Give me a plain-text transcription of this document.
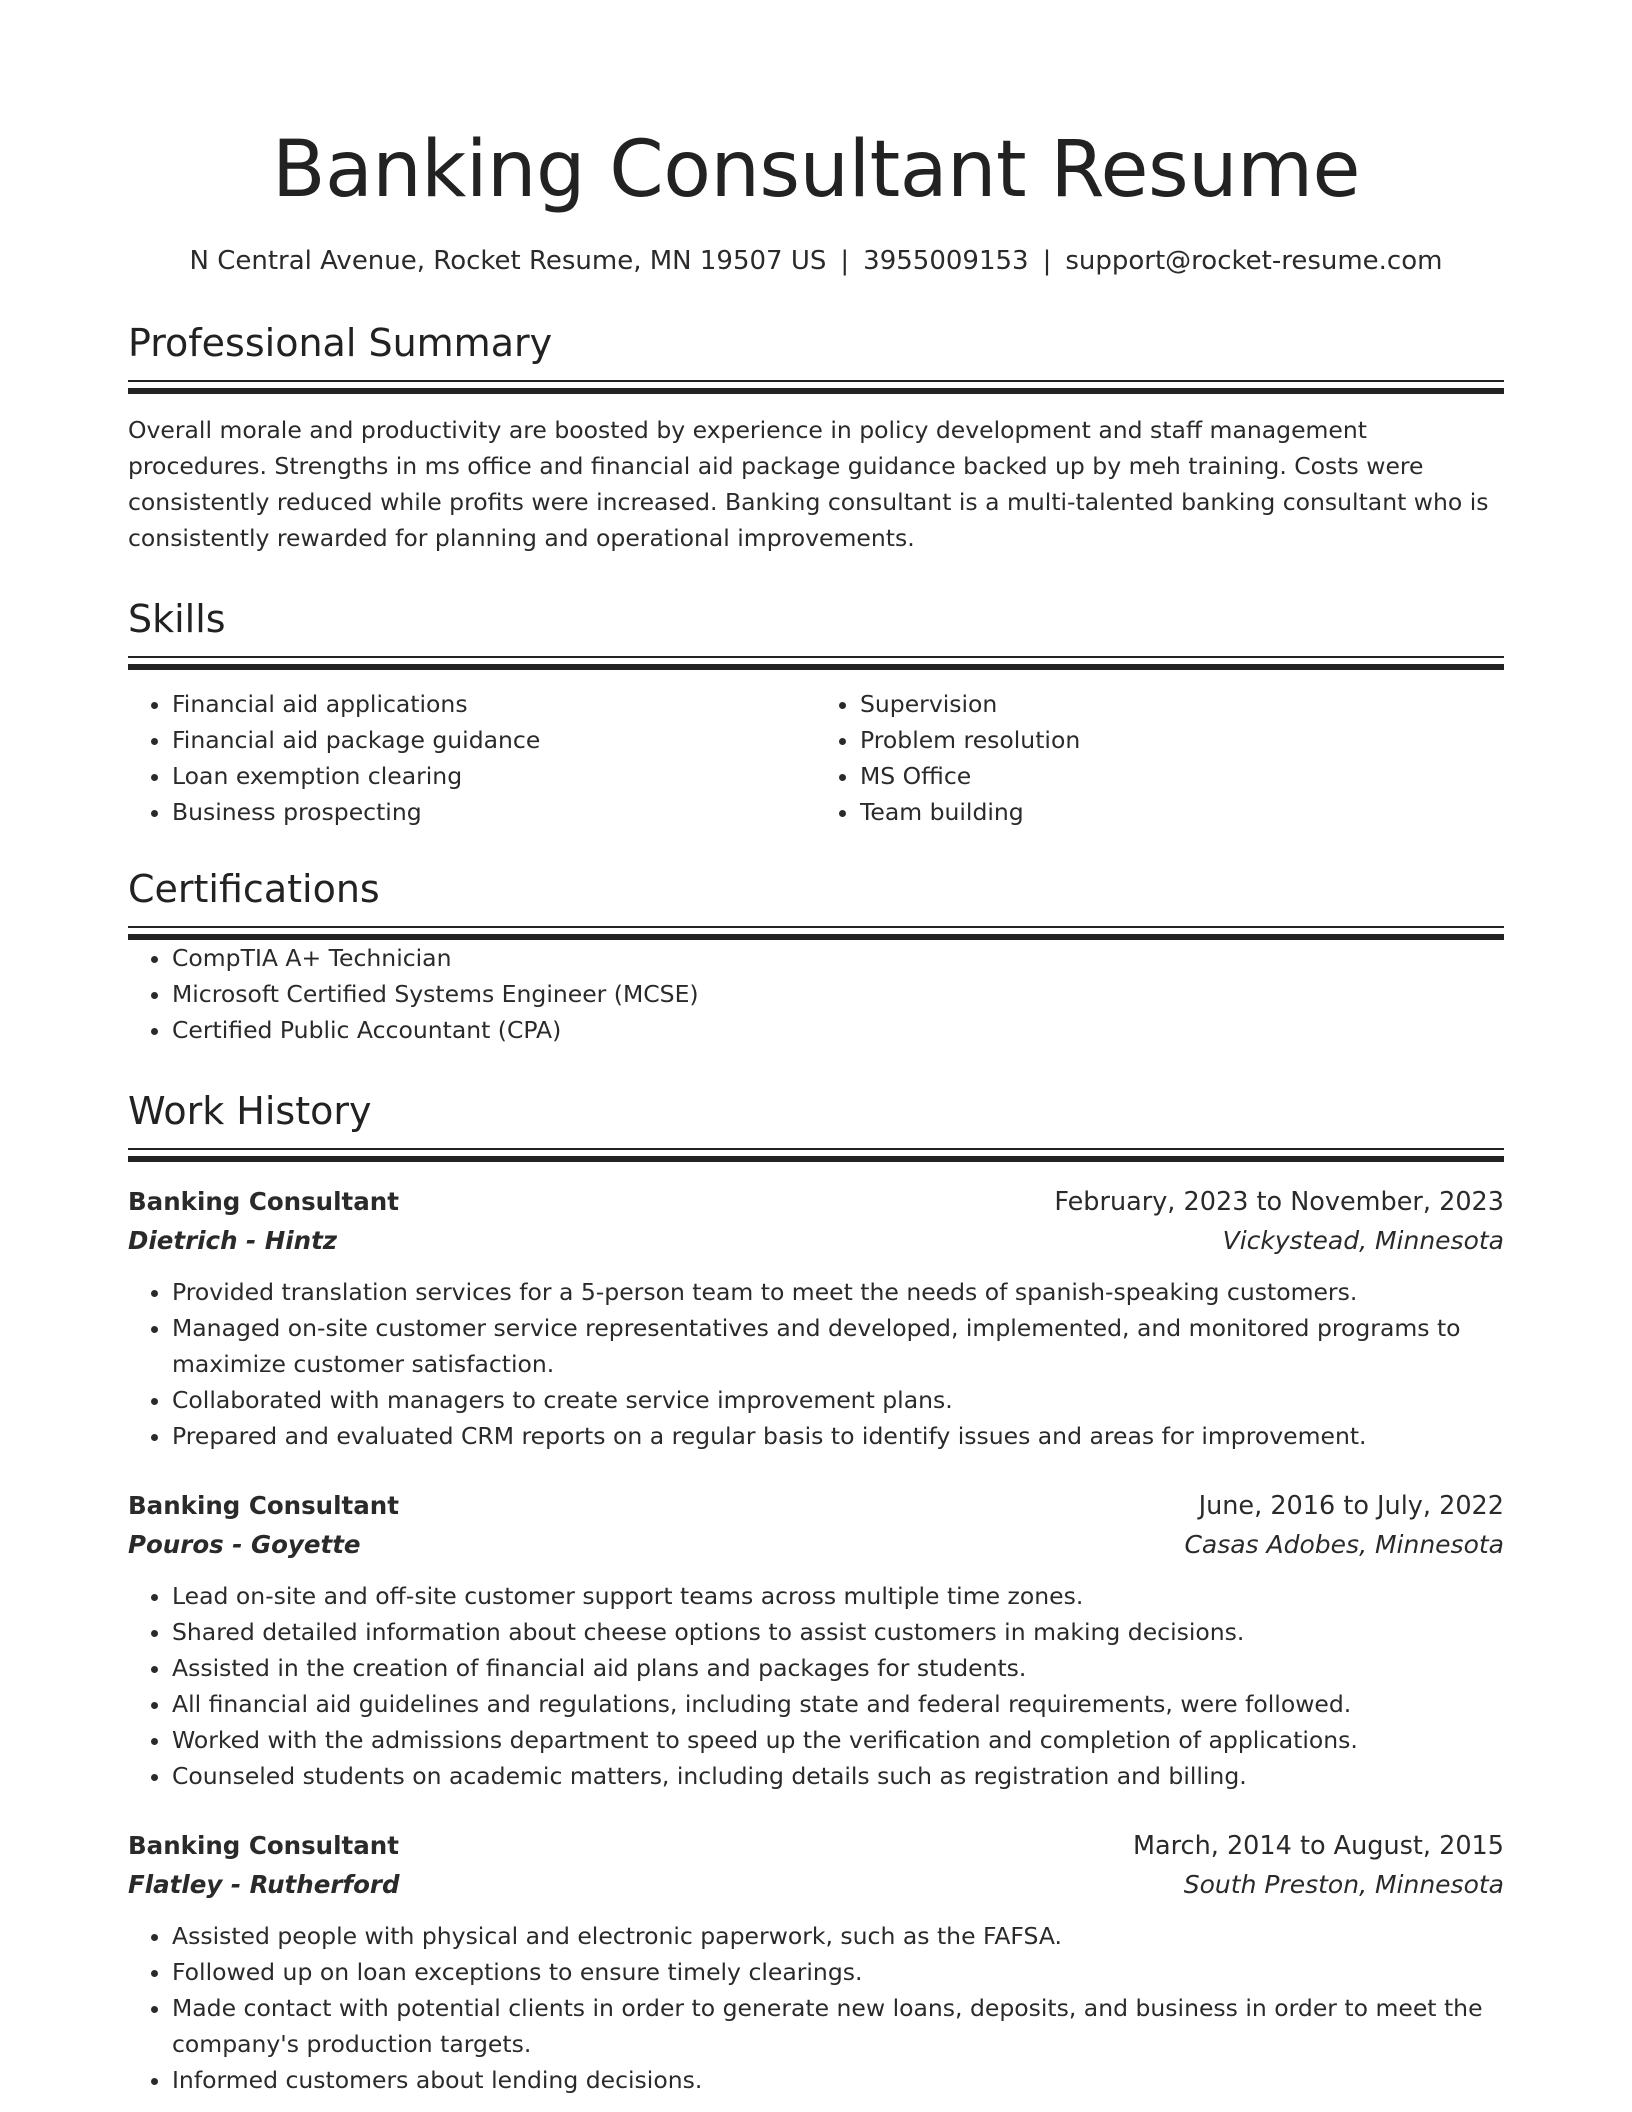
Banking Consultant Resume
N Central Avenue, Rocket Resume, MN 19507 US | 3955009153 | support@rocket-resume.com
Professional Summary

Overall morale and productivity are boosted by experience in policy development and staff management procedures. Strengths in ms office and financial aid package guidance backed up by meh training. Costs were consistently reduced while profits were increased. Banking consultant is a multi-talented banking consultant who is consistently rewarded for planning and operational improvements.

Skills
• Financial aid applications
• Financial aid package guidance
• Loan exemption clearing
• Business prospecting
• Supervision
• Problem resolution
• MS Office
• Team building
Certifications
• CompTIA A+ Technician
• Microsoft Certified Systems Engineer (MCSE)
• Certified Public Accountant (CPA)
Work History
Banking Consultant	February, 2023 to November, 2023
Dietrich - Hintz	Vickystead, Minnesota
• Provided translation services for a 5-person team to meet the needs of spanish-speaking customers.
• Managed on-site customer service representatives and developed, implemented, and monitored programs to maximize customer satisfaction.
• Collaborated with managers to create service improvement plans.
• Prepared and evaluated CRM reports on a regular basis to identify issues and areas for improvement.
Banking Consultant	June, 2016 to July, 2022
Pouros - Goyette	Casas Adobes, Minnesota
• Lead on-site and off-site customer support teams across multiple time zones.
• Shared detailed information about cheese options to assist customers in making decisions.
• Assisted in the creation of financial aid plans and packages for students.
• All financial aid guidelines and regulations, including state and federal requirements, were followed.
• Worked with the admissions department to speed up the verification and completion of applications.
• Counseled students on academic matters, including details such as registration and billing.
Banking Consultant	March, 2014 to August, 2015
Flatley - Rutherford	South Preston, Minnesota
• Assisted people with physical and electronic paperwork, such as the FAFSA.
• Followed up on loan exceptions to ensure timely clearings.
• Made contact with potential clients in order to generate new loans, deposits, and business in order to meet the company's production targets.
• Informed customers about lending decisions.
